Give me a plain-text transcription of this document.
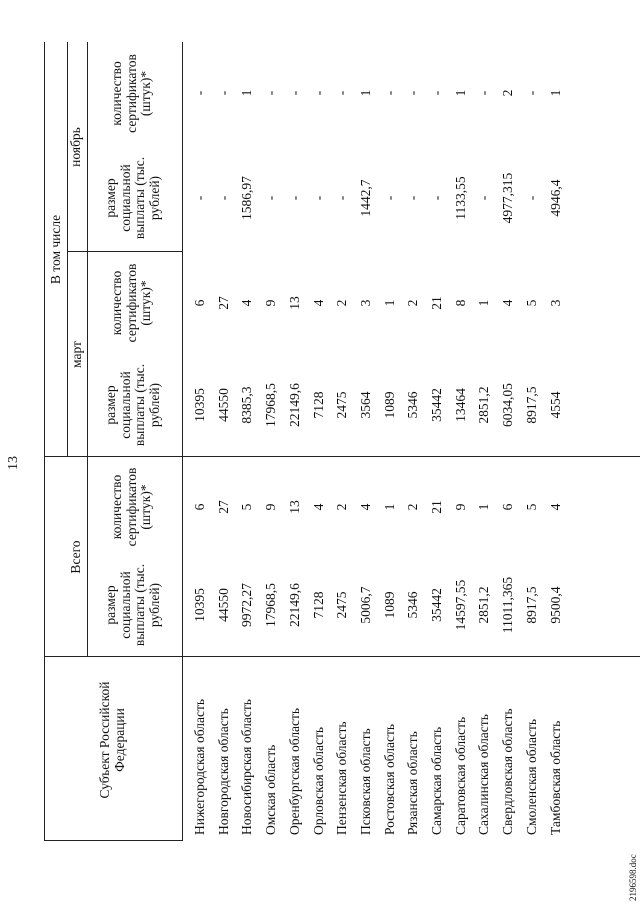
13
Субъект Российской Федерации
Всего
В том числе
март
ноябрь
размер социальной выплаты (тыс. рублей)
количество сертификатов (штук)*
размер социальной выплаты (тыс. рублей)
количество сертификатов (штук)*
размер социальной выплаты (тыс. рублей)
количество сертификатов (штук)*
Нижегородская область
10395
6
10395
6
-
-
Новгородская область
44550
27
44550
27
-
-
Новосибирская область
9972,27
5
8385,3
4
1586,97
1
Омская область
17968,5
9
17968,5
9
-
-
Оренбургская область
22149,6
13
22149,6
13
-
-
Орловская область
7128
4
7128
4
-
-
Пензенская область
2475
2
2475
2
-
-
Псковская область
5006,7
4
3564
3
1442,7
1
Ростовская область
1089
1
1089
1
-
-
Рязанская область
5346
2
5346
2
-
-
Самарская область
35442
21
35442
21
-
-
Саратовская область
14597,55
9
13464
8
1133,55
1
Сахалинская область
2851,2
1
2851,2
1
-
-
Свердловская область
11011,365
6
6034,05
4
4977,315
2
Смоленская область
8917,5
5
8917,5
5
-
-
Тамбовская область
9500,4
4
4554
3
4946,4
1
2196598.doc
